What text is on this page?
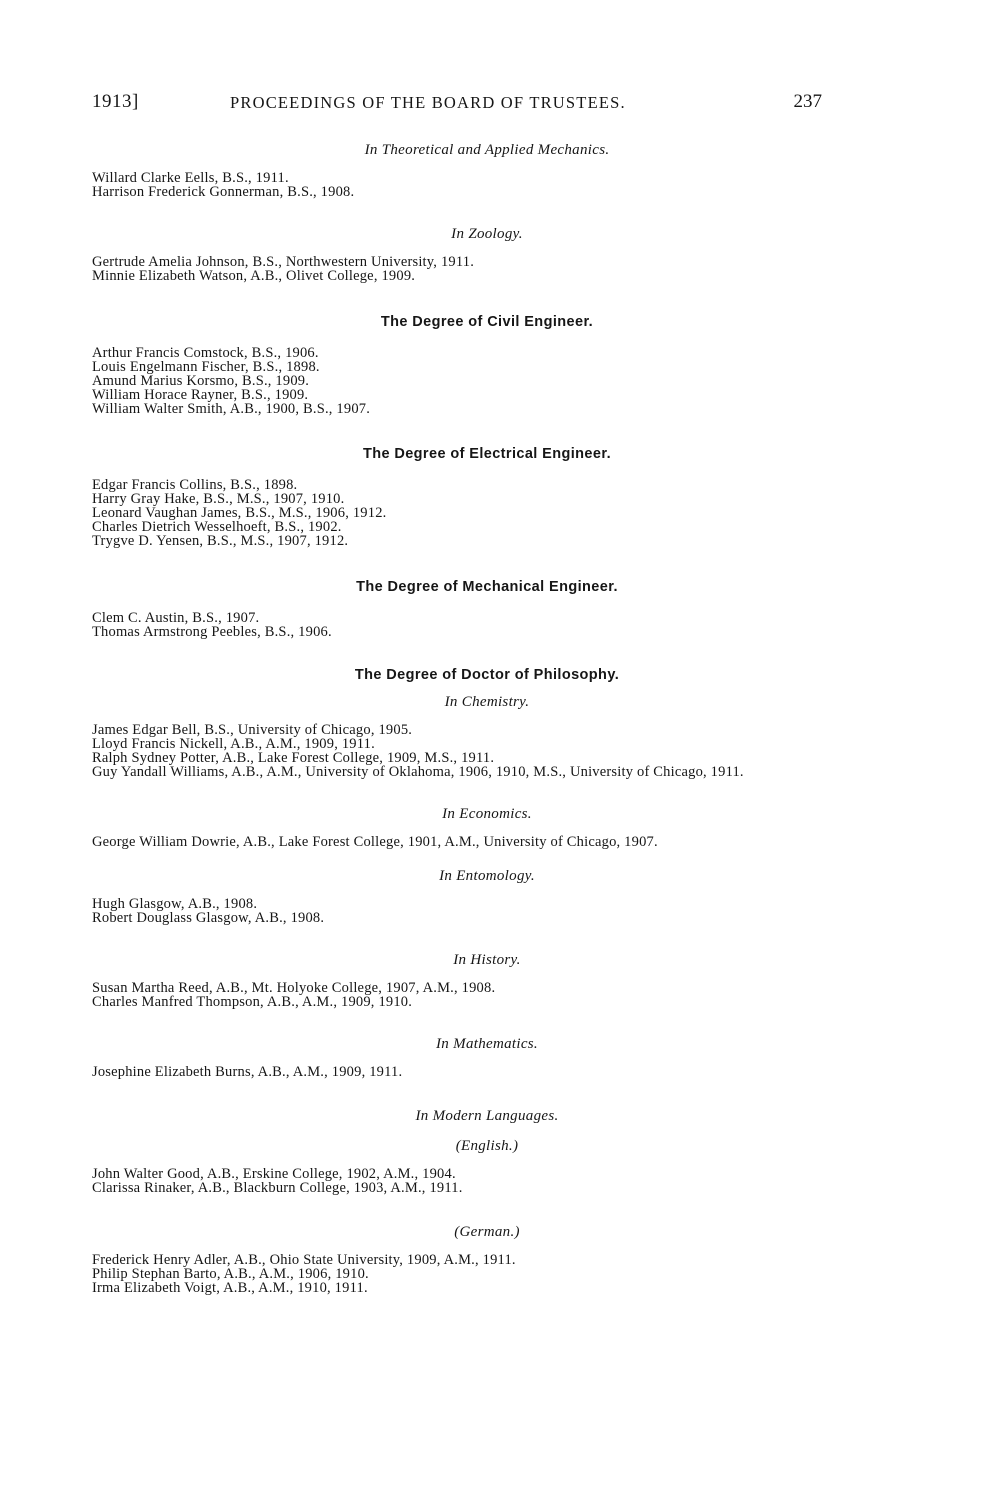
1913]	PROCEEDINGS OF THE BOARD OF TRUSTEES.	237
In Theoretical and Applied Mechanics.
Willard Clarke Eells, B.S., 1911.
Harrison Frederick Gonnerman, B.S., 1908.
In Zoology.
Gertrude Amelia Johnson, B.S., Northwestern University, 1911.
Minnie Elizabeth Watson, A.B., Olivet College, 1909.
The Degree of Civil Engineer.
Arthur Francis Comstock, B.S., 1906.
Louis Engelmann Fischer, B.S., 1898.
Amund Marius Korsmo, B.S., 1909.
William Horace Rayner, B.S., 1909.
William Walter Smith, A.B., 1900, B.S., 1907.
The Degree of Electrical Engineer.
Edgar Francis Collins, B.S., 1898.
Harry Gray Hake, B.S., M.S., 1907, 1910.
Leonard Vaughan James, B.S., M.S., 1906, 1912.
Charles Dietrich Wesselhoeft, B.S., 1902.
Trygve D. Yensen, B.S., M.S., 1907, 1912.
The Degree of Mechanical Engineer.
Clem C. Austin, B.S., 1907.
Thomas Armstrong Peebles, B.S., 1906.
The Degree of Doctor of Philosophy.
In Chemistry.
James Edgar Bell, B.S., University of Chicago, 1905.
Lloyd Francis Nickell, A.B., A.M., 1909, 1911.
Ralph Sydney Potter, A.B., Lake Forest College, 1909, M.S., 1911.
Guy Yandall Williams, A.B., A.M., University of Oklahoma, 1906, 1910, M.S., University of Chicago, 1911.
In Economics.
George William Dowrie, A.B., Lake Forest College, 1901, A.M., University of Chicago, 1907.
In Entomology.
Hugh Glasgow, A.B., 1908.
Robert Douglass Glasgow, A.B., 1908.
In History.
Susan Martha Reed, A.B., Mt. Holyoke College, 1907, A.M., 1908.
Charles Manfred Thompson, A.B., A.M., 1909, 1910.
In Mathematics.
Josephine Elizabeth Burns, A.B., A.M., 1909, 1911.
In Modern Languages.
(English.)
John Walter Good, A.B., Erskine College, 1902, A.M., 1904.
Clarissa Rinaker, A.B., Blackburn College, 1903, A.M., 1911.
(German.)
Frederick Henry Adler, A.B., Ohio State University, 1909, A.M., 1911.
Philip Stephan Barto, A.B., A.M., 1906, 1910.
Irma Elizabeth Voigt, A.B., A.M., 1910, 1911.
